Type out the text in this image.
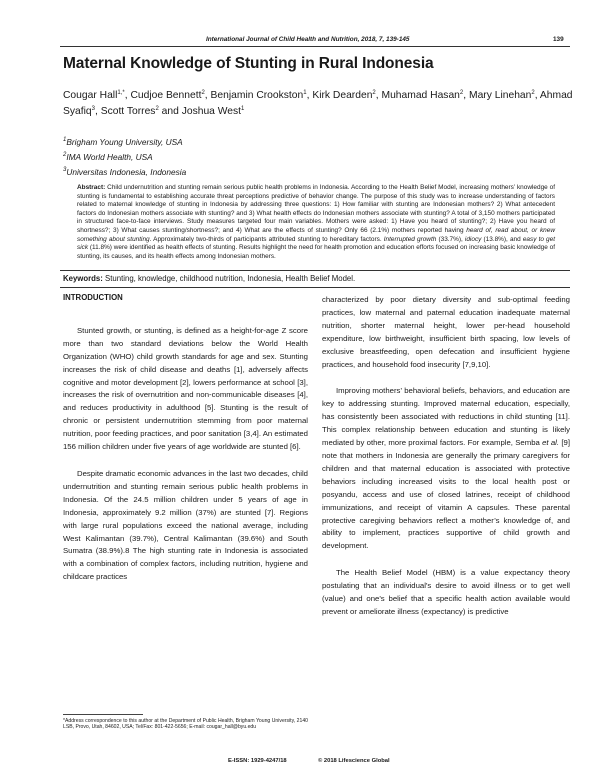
International Journal of Child Health and Nutrition, 2018, 7, 139-145	139
Maternal Knowledge of Stunting in Rural Indonesia
Cougar Hall$^{1,*}$, Cudjoe Bennett$^2$, Benjamin Crookston$^1$, Kirk Dearden$^2$, Muhamad Hasan$^2$, Mary Linehan$^2$, Ahmad Syafiq$^3$, Scott Torres$^2$ and Joshua West$^1$
$^1$Brigham Young University, USA
$^2$IMA World Health, USA
$^3$Universitas Indonesia, Indonesia
Abstract: Child undernutrition and stunting remain serious public health problems in Indonesia. According to the Health Belief Model, increasing mothers’ knowledge of stunting is fundamental to establishing accurate threat perceptions predictive of behavior change. The purpose of this study was to increase understanding of factors related to maternal knowledge of stunting in Indonesia by addressing three questions: 1) How familiar with stunting are Indonesian mothers? 2) What antecedent factors do Indonesian mothers associate with stunting? and 3) What health effects do Indonesian mothers associate with stunting? A total of 3,150 mothers participated in structured face-to-face interviews. Study measures targeted four main variables. Mothers were asked: 1) Have you heard of stunting?; 2) Have you heard of shortness?; 3) What causes stunting/shortness?; and 4) What are the effects of stunting? Only 66 (2.1%) mothers reported having heard of, read about, or knew something about stunting. Approximately two-thirds of participants attributed stunting to hereditary factors. Interrupted growth (33.7%), idiocy (13.8%), and easy to get sick (11.8%) were identified as health effects of stunting. Results highlight the need for health promotion and education efforts focused on increasing basic knowledge of stunting, its causes, and its health effects among Indonesian mothers.
Keywords: Stunting, knowledge, childhood nutrition, Indonesia, Health Belief Model.
INTRODUCTION

Stunted growth, or stunting, is defined as a height-for-age Z score more than two standard deviations below the World Health Organization (WHO) child growth standards for age and sex. Stunting increases the risk of child disease and deaths [1], adversely affects cognitive and motor development [2], lowers performance at school [3], increases the risk of overnutrition and non-communicable diseases [4], and reduces productivity in adulthood [5]. Stunting is the result of chronic or persistent undernutrition stemming from poor maternal nutrition, poor feeding practices, and poor sanitation [3,4]. An estimated 156 million children under five years of age worldwide are stunted [6].

Despite dramatic economic advances in the last two decades, child undernutrition and stunting remain serious public health problems in Indonesia. Of the 24.5 million children under 5 years of age in Indonesia, approximately 9.2 million (37%) are stunted [7]. Regions with large rural populations exceed the national average, including West Kalimantan (39.7%), Central Kalimantan (39.6%) and South Sumatra (38.9%).8 The high stunting rate in Indonesia is associated with a combination of complex factors, including nutrition, hygiene and childcare practices

characterized by poor dietary diversity and sub-optimal feeding practices, low maternal and paternal education inadequate maternal nutrition, shorter maternal height, lower per-head household expenditure, low birthweight, insufficient birth spacing, low levels of exclusive breastfeeding, open defecation and insufficient hygiene practices, and household food insecurity [7,9,10].

Improving mothers’ behavioral beliefs, behaviors, and education are key to addressing stunting. Improved maternal education, especially, has consistently been associated with reductions in child stunting [11]. This complex relationship between education and stunting is likely mediated by other, more proximal factors. For example, Semba et al. [9] note that mothers in Indonesia are generally the primary caregivers for children and that maternal education is associated with protective behaviors including increased visits to the local health post or posyandu, access and use of closed latrines, receipt of childhood immunizations, and receipt of vitamin A capsules. These parental protective caregiving behaviors reflect a mother’s knowledge of, and ability to implement, practices supportive of child growth and development.

The Health Belief Model (HBM) is a value expectancy theory postulating that an individual's desire to avoid illness or to get well (value) and one's belief that a specific health action available would prevent or ameliorate illness (expectancy) is predictive

*Address correspondence to this author at the Department of Public Health, Brigham Young University, 2140 LSB, Provo, Utah, 84602, USA; Tel/Fax: 801-422-5656; E-mail: cougar_hall@byu.edu
E-ISSN: 1929-4247/18	© 2018 Lifescience Global
